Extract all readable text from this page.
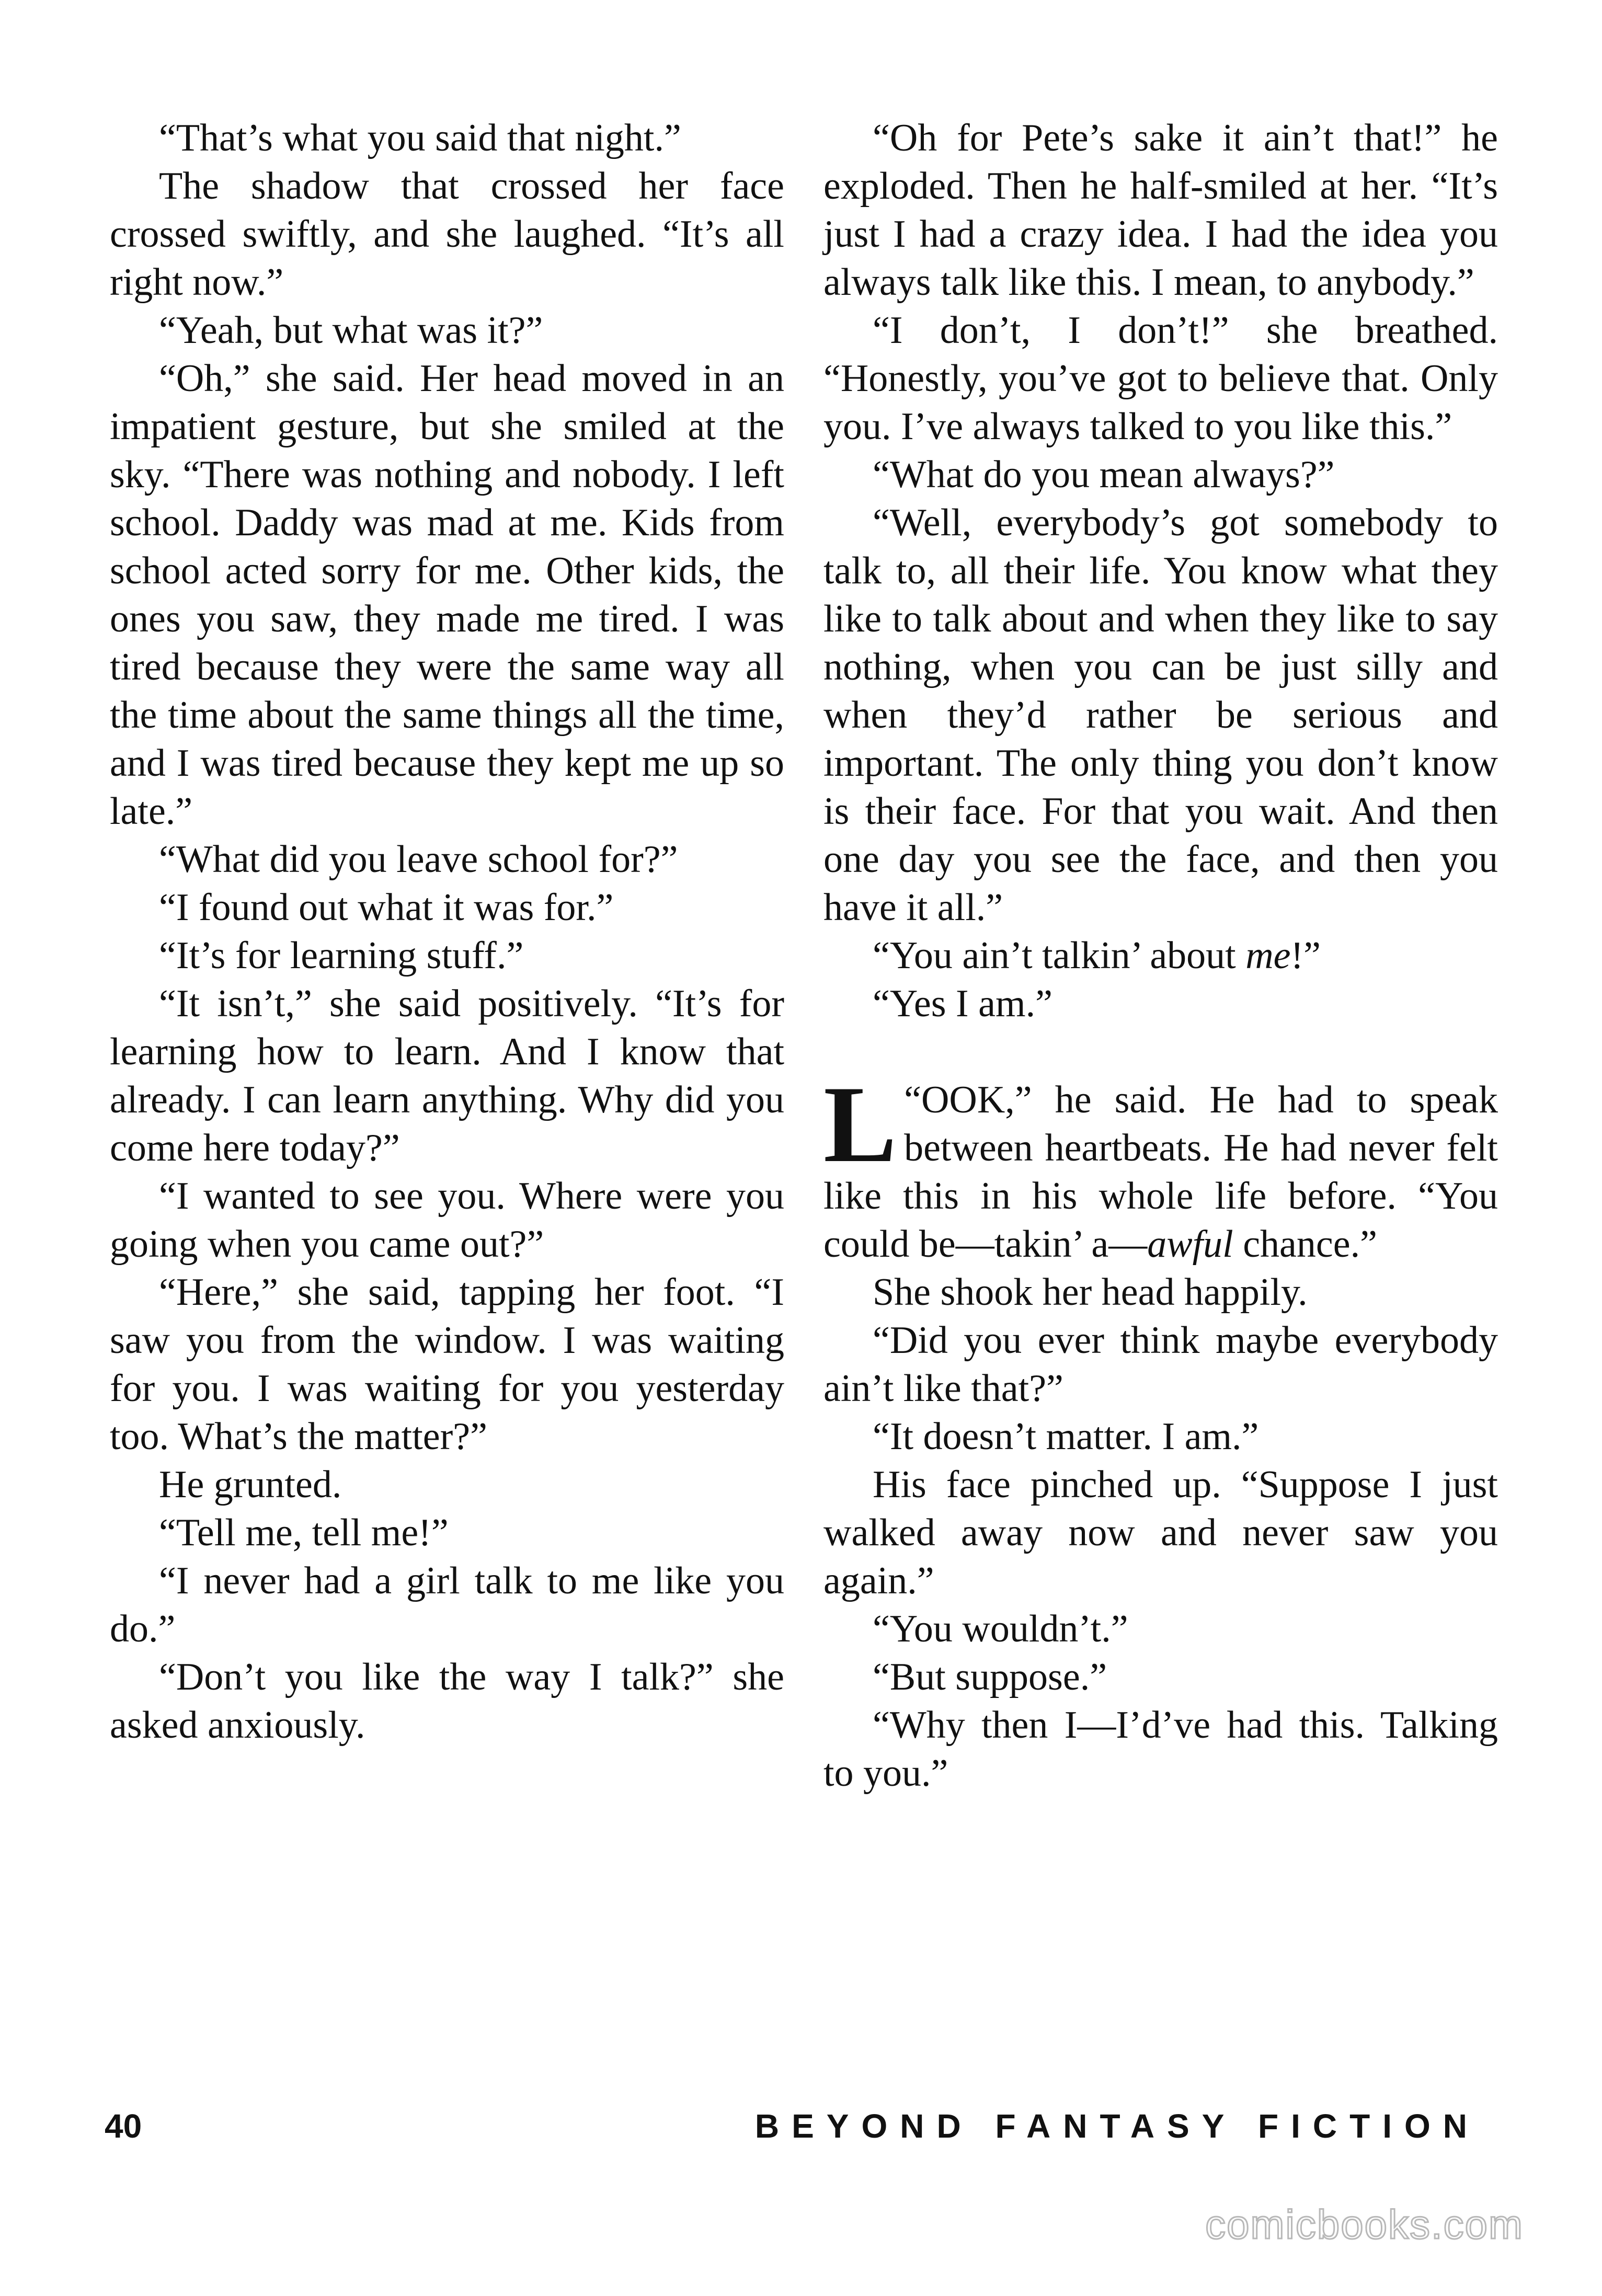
“That’s what you said that night.”

The shadow that crossed her face crossed swiftly, and she laughed. “It’s all right now.”

“Yeah, but what was it?”

“Oh,” she said. Her head moved in an impatient gesture, but she smiled at the sky. “There was nothing and nobody. I left school. Daddy was mad at me. Kids from school acted sorry for me. Other kids, the ones you saw, they made me tired. I was tired because they were the same way all the time about the same things all the time, and I was tired because they kept me up so late.”

“What did you leave school for?”

“I found out what it was for.”

“It’s for learning stuff.”

“It isn’t,” she said positively. “It’s for learning how to learn. And I know that already. I can learn anything. Why did you come here today?”

“I wanted to see you. Where were you going when you came out?”

“Here,” she said, tapping her foot. “I saw you from the window. I was waiting for you. I was waiting for you yesterday too. What’s the matter?”

He grunted.

“Tell me, tell me!”

“I never had a girl talk to me like you do.”

“Don’t you like the way I talk?” she asked anxiously.

“Oh for Pete’s sake it ain’t that!” he exploded. Then he half-smiled at her. “It’s just I had a crazy idea. I had the idea you always talk like this. I mean, to anybody.”

“I don’t, I don’t!” she breathed. “Honestly, you’ve got to believe that. Only you. I’ve always talked to you like this.”

“What do you mean always?”

“Well, everybody’s got somebody to talk to, all their life. You know what they like to talk about and when they like to say nothing, when you can be just silly and when they’d rather be serious and important. The only thing you don’t know is their face. For that you wait. And then one day you see the face, and then you have it all.”

“You ain’t talkin’ about me!”

“Yes I am.”

“
L OOK,” he said. He had to speak between heartbeats. He had never felt like this in his whole life before. “You could be—takin’ a—awful chance.”

She shook her head happily.

“Did you ever think maybe everybody ain’t like that?”

“It doesn’t matter. I am.”

His face pinched up. “Suppose I just walked away now and never saw you again.”

“You wouldn’t.”

“But suppose.”

“Why then I—I’d’ve had this. Talking to you.”

40	BEYOND FANTASY FICTION
comicbooks.com
